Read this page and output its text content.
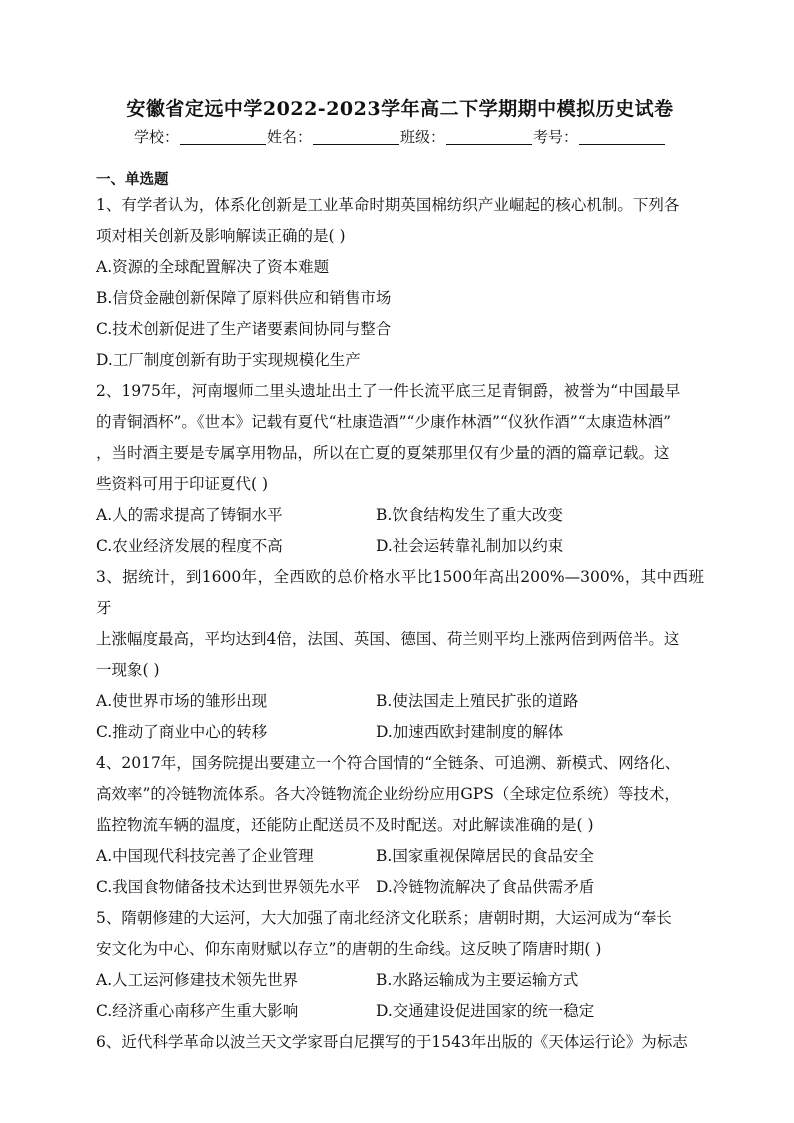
安徽省定远中学2022-2023学年高二下学期期中模拟历史试卷
学校：	姓名：	班级：	考号：
一、单选题

1、有学者认为，体系化创新是工业革命时期英国棉纺织产业崛起的核心机制。下列各

项对相关创新及影响解读正确的是( )

A.资源的全球配置解决了资本难题

B.信贷金融创新保障了原料供应和销售市场

C.技术创新促进了生产诸要素间协同与整合

D.工厂制度创新有助于实现规模化生产

2、1975年，河南堰师二里头遗址出土了一件长流平底三足青铜爵，被誉为“中国最早

的青铜酒杯”。《世本》记载有夏代“杜康造酒”“少康作林酒”“仪狄作酒”“太康造林酒”

，当时酒主要是专属享用物品，所以在亡夏的夏桀那里仅有少量的酒的篇章记载。这

些资料可用于印证夏代( )

A.人的需求提高了铸铜水平	B.饮食结构发生了重大改变

C.农业经济发展的程度不高	D.社会运转靠礼制加以约束

3、据统计，到1600年，全西欧的总价格水平比1500年高出200%—300%，其中西班牙

上涨幅度最高，平均达到4倍，法国、英国、德国、荷兰则平均上涨两倍到两倍半。这

一现象( )

A.使世界市场的雏形出现	B.使法国走上殖民扩张的道路

C.推动了商业中心的转移	D.加速西欧封建制度的解体

4、2017年，国务院提出要建立一个符合国情的“全链条、可追溯、新模式、网络化、

高效率”的冷链物流体系。各大冷链物流企业纷纷应用GPS（全球定位系统）等技术，

监控物流车辆的温度，还能防止配送员不及时配送。对此解读准确的是( )

A.中国现代科技完善了企业管理	B.国家重视保障居民的食品安全

C.我国食物储备技术达到世界领先水平	D.冷链物流解决了食品供需矛盾

5、隋朝修建的大运河，大大加强了南北经济文化联系；唐朝时期，大运河成为“奉长

安文化为中心、仰东南财赋以存立”的唐朝的生命线。这反映了隋唐时期( )

A.人工运河修建技术领先世界	B.水路运输成为主要运输方式

C.经济重心南移产生重大影响	D.交通建设促进国家的统一稳定

6、近代科学革命以波兰天文学家哥白尼撰写的于1543年出版的《天体运行论》为标志
